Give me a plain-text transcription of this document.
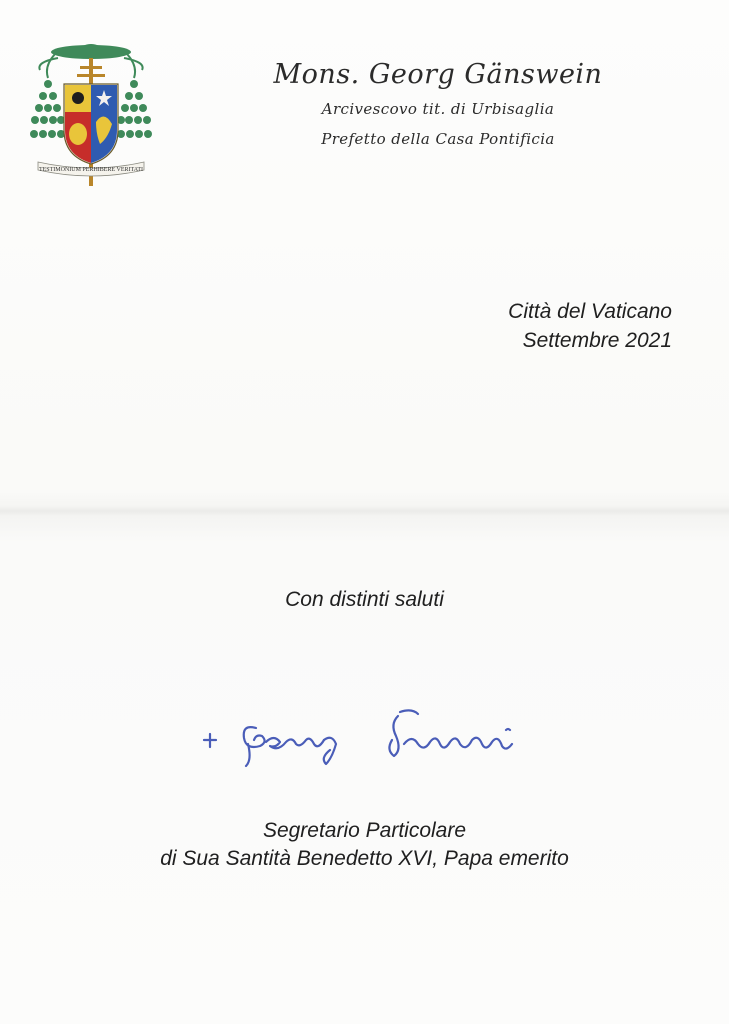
TESTIMONIUM PERHIBERE VERITATI
Mons. Georg Gänswein
Arcivescovo tit. di Urbisaglia
Prefetto della Casa Pontificia
Città del Vaticano
Settembre 2021
Con distinti saluti
Segretario Particolare
di Sua Santità Benedetto XVI, Papa emerito
